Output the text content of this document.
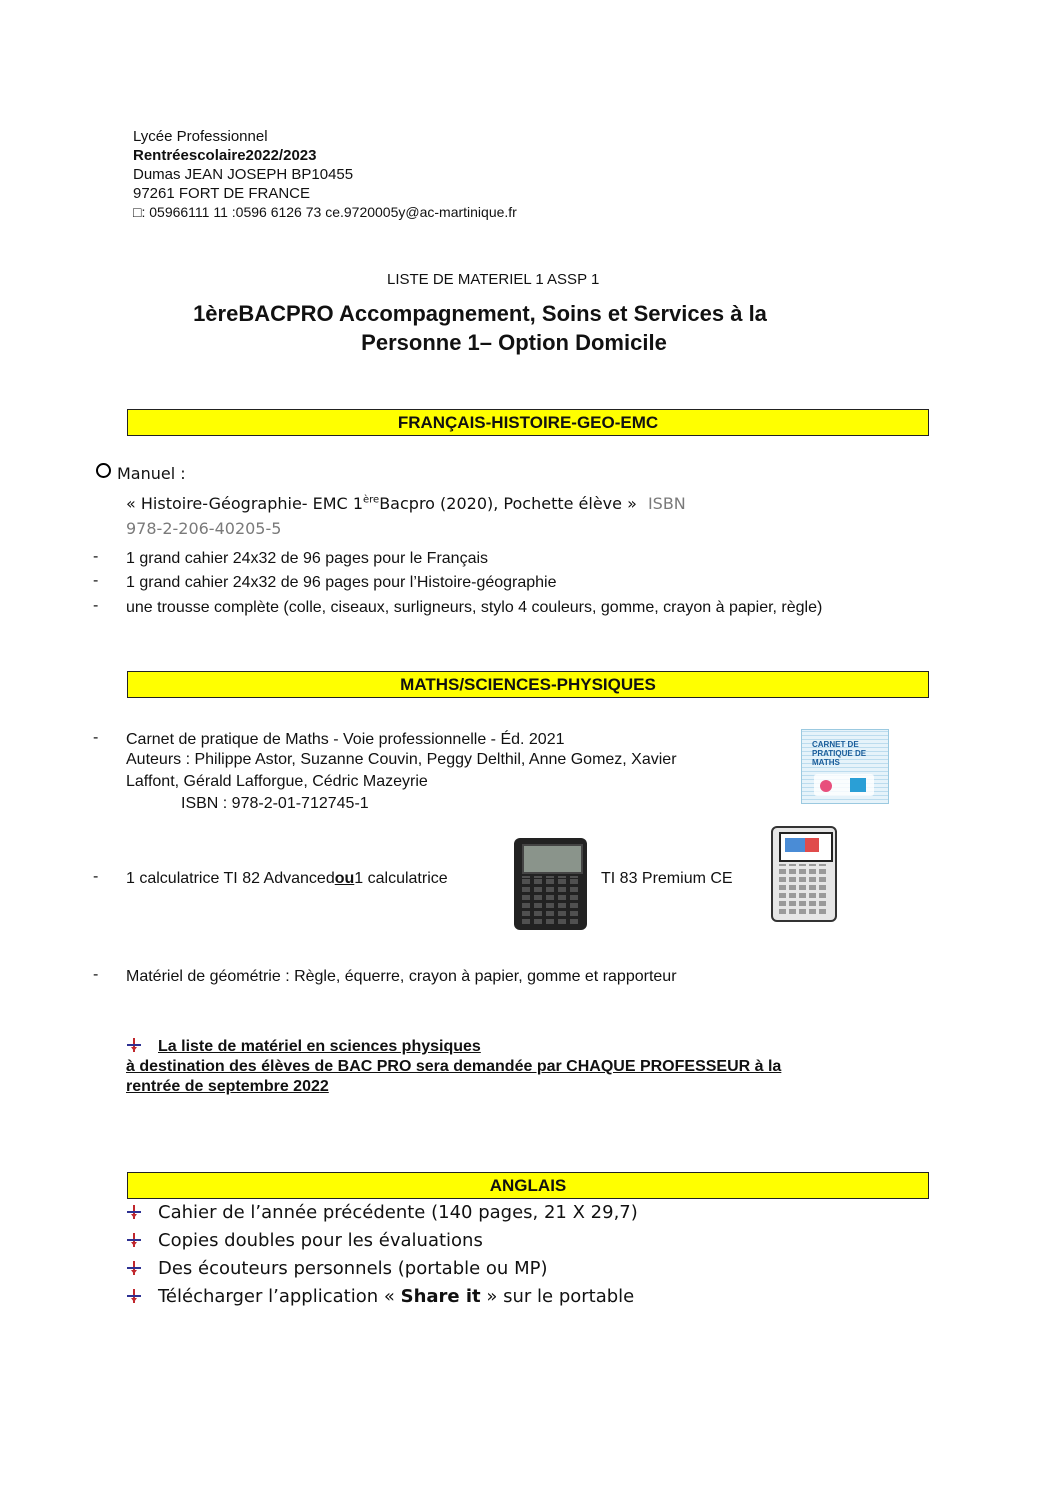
Lycée Professionnel
Rentréescolaire2022/2023
Dumas JEAN JOSEPH BP10455
97261 FORT DE FRANCE
□: 05966111 11 :0596 6126 73 ce.9720005y@ac-martinique.fr
LISTE DE MATERIEL 1 ASSP 1
1èreBACPRO Accompagnement, Soins et Services à la
Personne 1– Option Domicile
FRANÇAIS-HISTOIRE-GEO-EMC
Manuel :
« Histoire-Géographie- EMC 1èreBacpro (2020), Pochette élève » ISBN
978-2-206-40205-5
- 1 grand cahier 24x32 de 96 pages pour le Français
- 1 grand cahier 24x32 de 96 pages pour l’Histoire-géographie
- une trousse complète (colle, ciseaux, surligneurs, stylo 4 couleurs, gomme, crayon à papier, règle)
MATHS/SCIENCES-PHYSIQUES
- Carnet de pratique de Maths - Voie professionnelle - Éd. 2021
Auteurs : Philippe Astor, Suzanne Couvin, Peggy Delthil, Anne Gomez, Xavier
Laffont, Gérald Lafforgue, Cédric Mazeyrie
ISBN : 978-2-01-712745-1
CARNET DE PRATIQUE DE MATHS
- 1 calculatrice TI 82 Advancedou1 calculatrice	TI 83 Premium CE
- Matériel de géométrie : Règle, équerre, crayon à papier, gomme et rapporteur
La liste de matériel en sciences physiques
à destination des élèves de BAC PRO sera demandée par CHAQUE PROFESSEUR à la
rentrée de septembre 2022
ANGLAIS
Cahier de l’année précédente (140 pages, 21 X 29,7)
Copies doubles pour les évaluations
Des écouteurs personnels (portable ou MP)
Télécharger l’application « Share it » sur le portable
